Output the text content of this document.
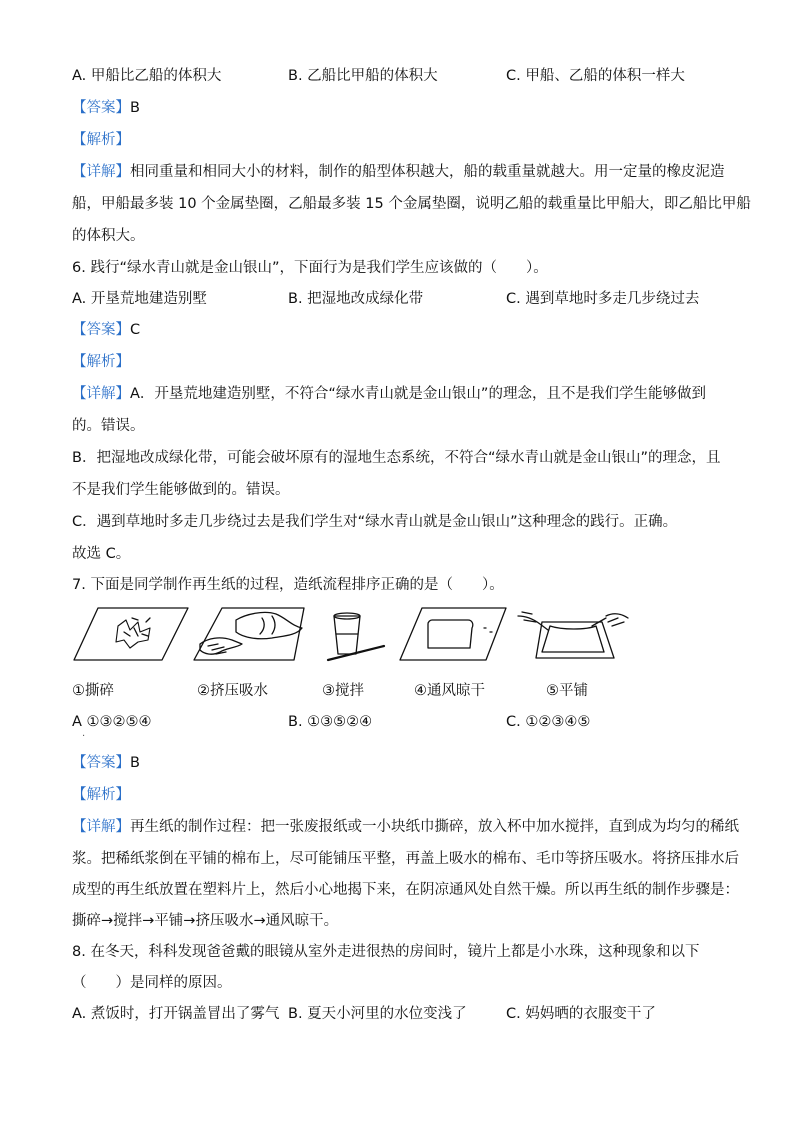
A. 甲船比乙船的体积大	B. 乙船比甲船的体积大	C. 甲船、乙船的体积一样大
【答案】B
【解析】
【详解】相同重量和相同大小的材料，制作的船型体积越大，船的载重量就越大。用一定量的橡皮泥造
船，甲船最多装 10 个金属垫圈，乙船最多装 15 个金属垫圈，说明乙船的载重量比甲船大，即乙船比甲船
的体积大。
6. 践行“绿水青山就是金山银山”，下面行为是我们学生应该做的（　　）。
A. 开垦荒地建造别墅	B. 把湿地改成绿化带	C. 遇到草地时多走几步绕过去
【答案】C
【解析】
【详解】A．开垦荒地建造别墅，不符合“绿水青山就是金山银山”的理念，且不是我们学生能够做到
的。错误。
B．把湿地改成绿化带，可能会破坏原有的湿地生态系统，不符合“绿水青山就是金山银山”的理念，且
不是我们学生能够做到的。错误。
C．遇到草地时多走几步绕过去是我们学生对“绿水青山就是金山银山”这种理念的践行。正确。
故选 C。
7. 下面是同学制作再生纸的过程，造纸流程排序正确的是（　　）。
①撕碎	②挤压吸水	③搅拌	④通风晾干	⑤平铺
A ①③②⑤④	B. ①③⑤②④	C. ①②③④⑤
·
【答案】B
【解析】
【详解】再生纸的制作过程：把一张废报纸或一小块纸巾撕碎，放入杯中加水搅拌，直到成为均匀的稀纸
浆。把稀纸浆倒在平铺的棉布上，尽可能铺压平整，再盖上吸水的棉布、毛巾等挤压吸水。将挤压排水后
成型的再生纸放置在塑料片上，然后小心地揭下来，在阴凉通风处自然干燥。所以再生纸的制作步骤是：
撕碎→搅拌→平铺→挤压吸水→通风晾干。
8. 在冬天，科科发现爸爸戴的眼镜从室外走进很热的房间时，镜片上都是小水珠，这种现象和以下
（　　）是同样的原因。
A. 煮饭时，打开锅盖冒出了雾气 B. 夏天小河里的水位变浅了	C. 妈妈晒的衣服变干了
